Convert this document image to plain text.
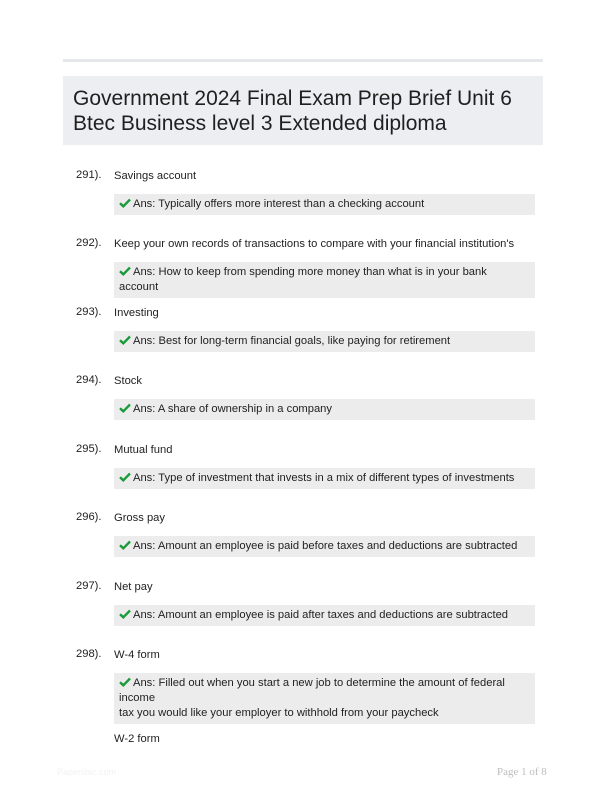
Government 2024 Final Exam Prep Brief Unit 6
Btec Business level 3 Extended diploma
291). Savings account
Ans: Typically offers more interest than a checking account
292). Keep your own records of transactions to compare with your financial institution's
Ans: How to keep from spending more money than what is in your bank account
293). Investing
Ans: Best for long-term financial goals, like paying for retirement
294). Stock
Ans: A share of ownership in a company
295). Mutual fund
Ans: Type of investment that invests in a mix of different types of investments
296). Gross pay
Ans: Amount an employee is paid before taxes and deductions are subtracted
297). Net pay
Ans: Amount an employee is paid after taxes and deductions are subtracted
298). W-4 form
Ans: Filled out when you start a new job to determine the amount of federal income
tax you would like your employer to withhold from your paycheck
W-2 form
Paperlibic.com	Page 1 of 8
